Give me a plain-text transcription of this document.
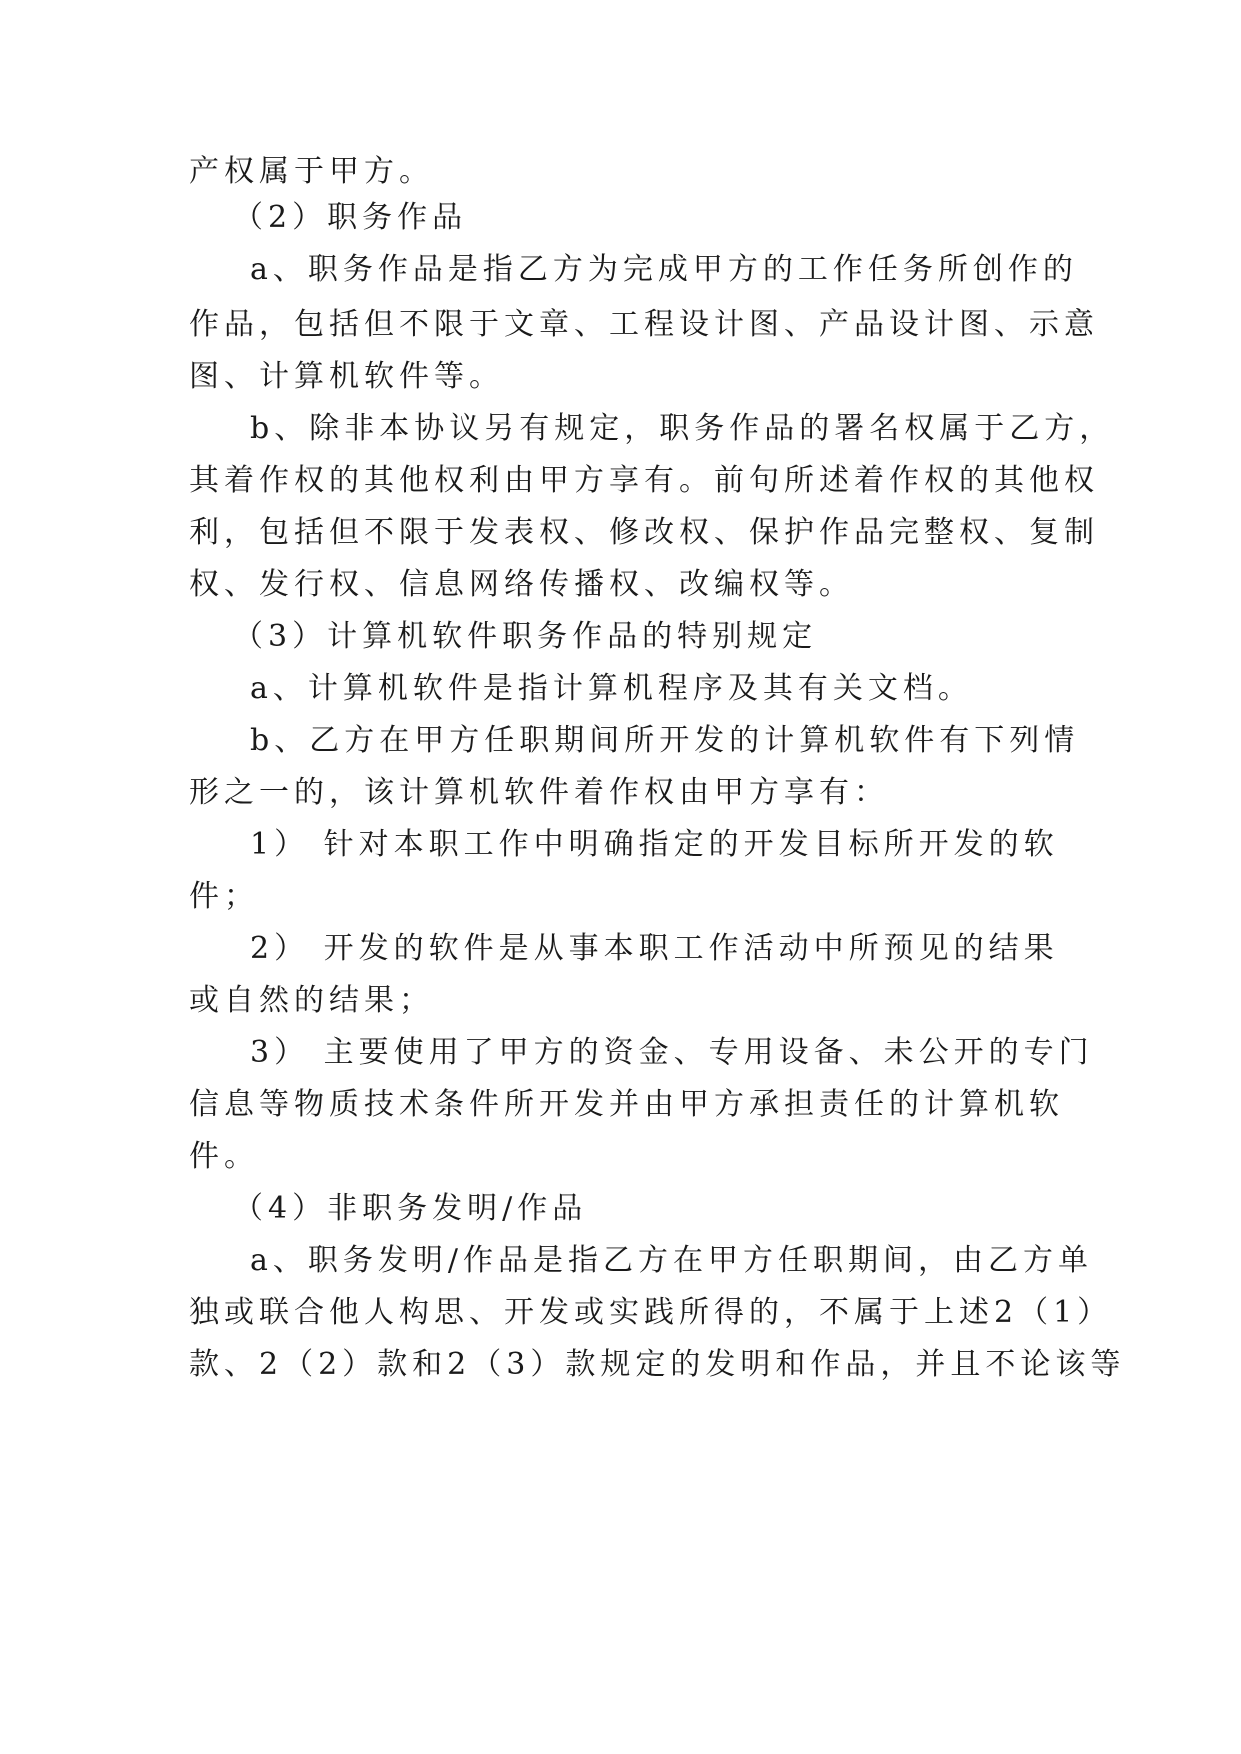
产权属于甲方。
（2）职务作品
a、职务作品是指乙方为完成甲方的工作任务所创作的
作品，包括但不限于文章、工程设计图、产品设计图、示意
图、计算机软件等。
b、除非本协议另有规定，职务作品的署名权属于乙方，
其着作权的其他权利由甲方享有。前句所述着作权的其他权
利，包括但不限于发表权、修改权、保护作品完整权、复制
权、发行权、信息网络传播权、改编权等。
（3）计算机软件职务作品的特别规定
a、计算机软件是指计算机程序及其有关文档。
b、乙方在甲方任职期间所开发的计算机软件有下列情
形之一的，该计算机软件着作权由甲方享有：
1） 针对本职工作中明确指定的开发目标所开发的软
件；
2） 开发的软件是从事本职工作活动中所预见的结果
或自然的结果；
3） 主要使用了甲方的资金、专用设备、未公开的专门
信息等物质技术条件所开发并由甲方承担责任的计算机软
件。
（4）非职务发明/作品
a、职务发明/作品是指乙方在甲方任职期间，由乙方单
独或联合他人构思、开发或实践所得的，不属于上述2（1）
款、2（2）款和2（3）款规定的发明和作品，并且不论该等
